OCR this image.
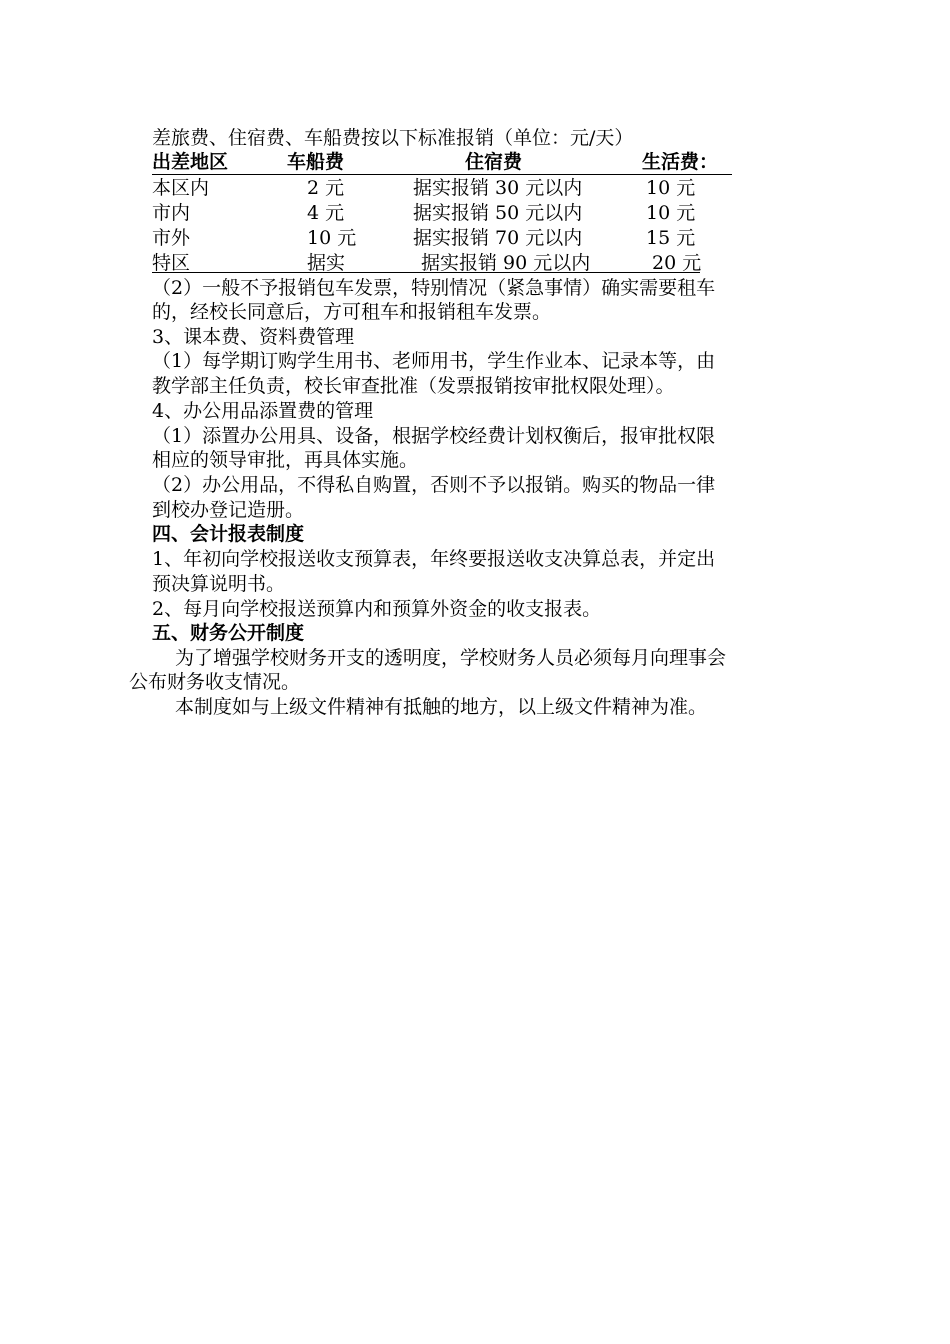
差旅费、住宿费、车船费按以下标准报销（单位：元/天）
出差地区	车船费	住宿费	生活费：
本区内	2 元	据实报销 30 元以内	10 元
市内	4 元	据实报销 50 元以内	10 元
市外	10 元	据实报销 70 元以内	15 元
特区	据实	据实报销 90 元以内	20 元
（2）一般不予报销包车发票，特别情况（紧急事情）确实需要租车
的，经校长同意后，方可租车和报销租车发票。
3、课本费、资料费管理
（1）每学期订购学生用书、老师用书，学生作业本、记录本等，由
教学部主任负责，校长审查批准（发票报销按审批权限处理）。
4、办公用品添置费的管理
（1）添置办公用具、设备，根据学校经费计划权衡后，报审批权限
相应的领导审批，再具体实施。
（2）办公用品，不得私自购置，否则不予以报销。购买的物品一律
到校办登记造册。
四、会计报表制度
1、年初向学校报送收支预算表，年终要报送收支决算总表，并定出
预决算说明书。
2、每月向学校报送预算内和预算外资金的收支报表。
五、财务公开制度
为了增强学校财务开支的透明度，学校财务人员必须每月向理事会
公布财务收支情况。
本制度如与上级文件精神有抵触的地方，以上级文件精神为准。
